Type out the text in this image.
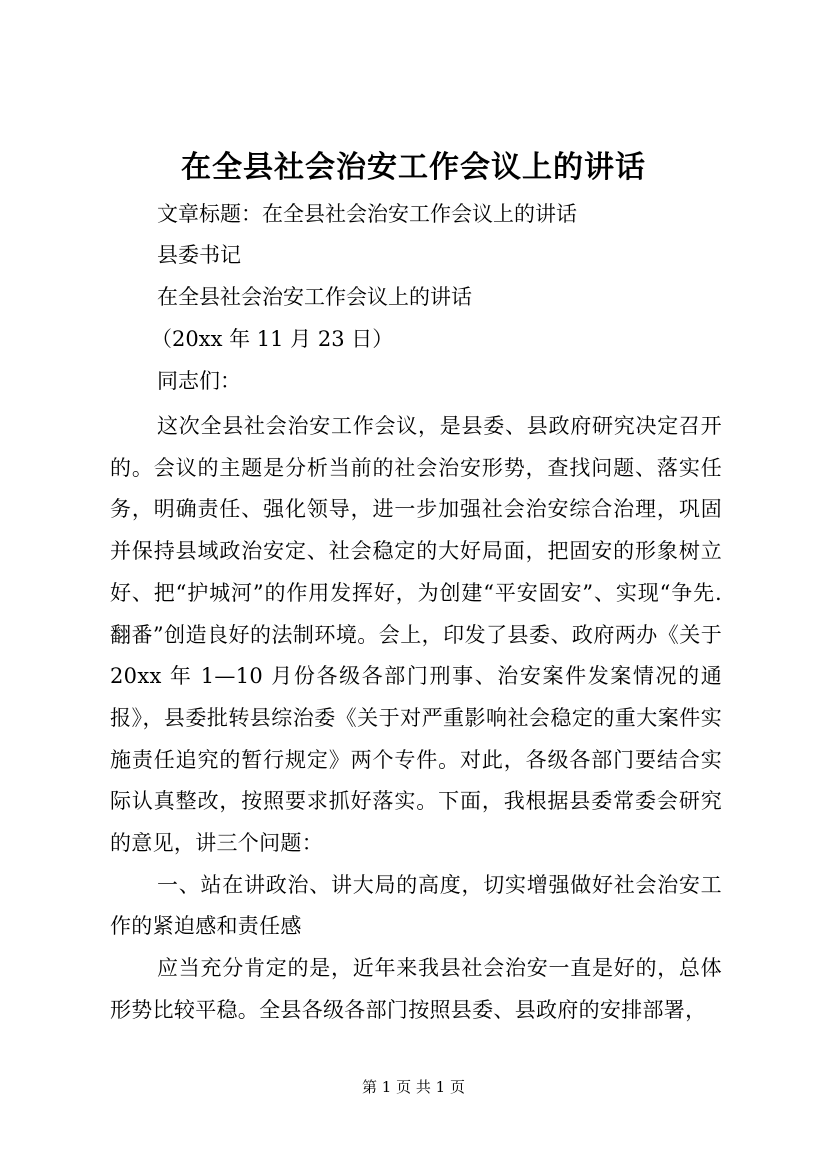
在全县社会治安工作会议上的讲话
文章标题：在全县社会治安工作会议上的讲话
县委书记
在全县社会治安工作会议上的讲话
（20xx 年 11 月 23 日）
同志们：

这次全县社会治安工作会议，是县委、县政府研究决定召开的。会议的主题是分析当前的社会治安形势，查找问题、落实任务，明确责任、强化领导，进一步加强社会治安综合治理，巩固并保持县域政治安定、社会稳定的大好局面，把固安的形象树立好、把“护城河”的作用发挥好，为创建“平安固安”、实现“争先.翻番”创造良好的法制环境。会上，印发了县委、政府两办《关于 20xx 年 1—10 月份各级各部门刑事、治安案件发案情况的通报》，县委批转县综治委《关于对严重影响社会稳定的重大案件实施责任追究的暂行规定》两个专件。对此，各级各部门要结合实际认真整改，按照要求抓好落实。下面，我根据县委常委会研究的意见，讲三个问题：

一、站在讲政治、讲大局的高度，切实增强做好社会治安工作的紧迫感和责任感

应当充分肯定的是，近年来我县社会治安一直是好的，总体形势比较平稳。全县各级各部门按照县委、县政府的安排部署，

第 1 页 共 1 页
